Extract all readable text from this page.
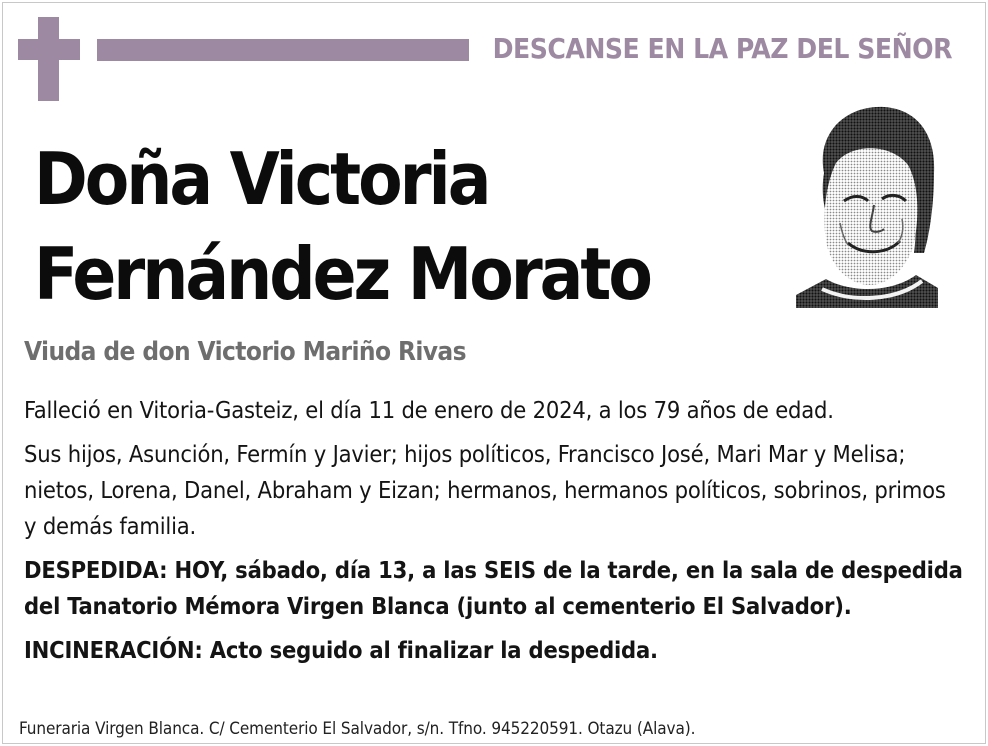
DESCANSE EN LA PAZ DEL SEÑOR
Doña Victoria
Fernández Morato
Viuda de don Victorio Mariño Rivas

Falleció en Vitoria-Gasteiz, el día 11 de enero de 2024, a los 79 años de edad.

Sus hijos, Asunción, Fermín y Javier; hijos políticos, Francisco José, Mari Mar y Melisa; nietos, Lorena, Danel, Abraham y Eizan; hermanos, hermanos políticos, sobrinos, primos y demás familia.

DESPEDIDA: HOY, sábado, día 13, a las SEIS de la tarde, en la sala de despedida del Tanatorio Mémora Virgen Blanca (junto al cementerio El Salvador).

INCINERACIÓN: Acto seguido al finalizar la despedida.

Funeraria Virgen Blanca. C/ Cementerio El Salvador, s/n. Tfno. 945220591. Otazu (Alava).
